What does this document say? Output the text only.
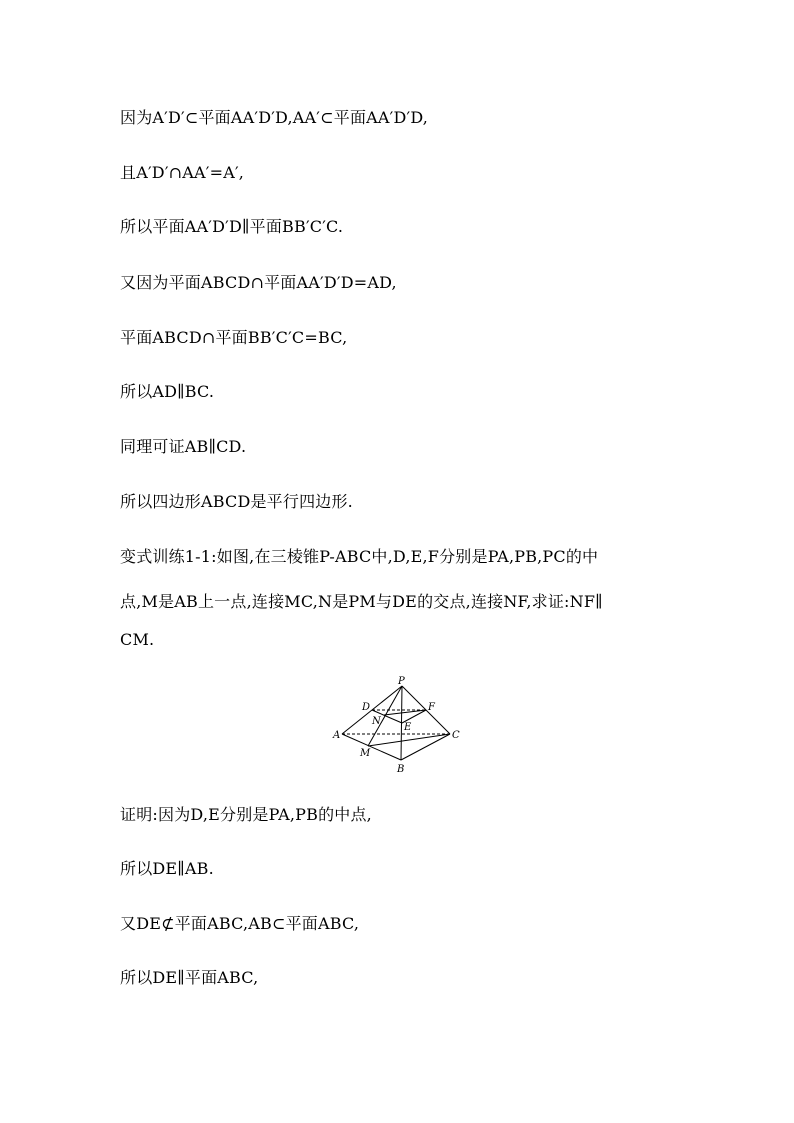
因为A′D′⊂平面AA′D′D,AA′⊂平面AA′D′D,
且A′D′∩AA′=A′,
所以平面AA′D′D∥平面BB′C′C.
又因为平面ABCD∩平面AA′D′D=AD,
平面ABCD∩平面BB′C′C=BC,
所以AD∥BC.
同理可证AB∥CD.
所以四边形ABCD是平行四边形.
变式训练1-1:如图,在三棱锥P-ABC中,D,E,F分别是PA,PB,PC的中
点,M是AB上一点,连接MC,N是PM与DE的交点,连接NF,求证:NF∥
CM.
P
D	F
N
E
A	C
M
B
证明:因为D,E分别是PA,PB的中点,
所以DE∥AB.
又DE⊄平面ABC,AB⊂平面ABC,
所以DE∥平面ABC,
